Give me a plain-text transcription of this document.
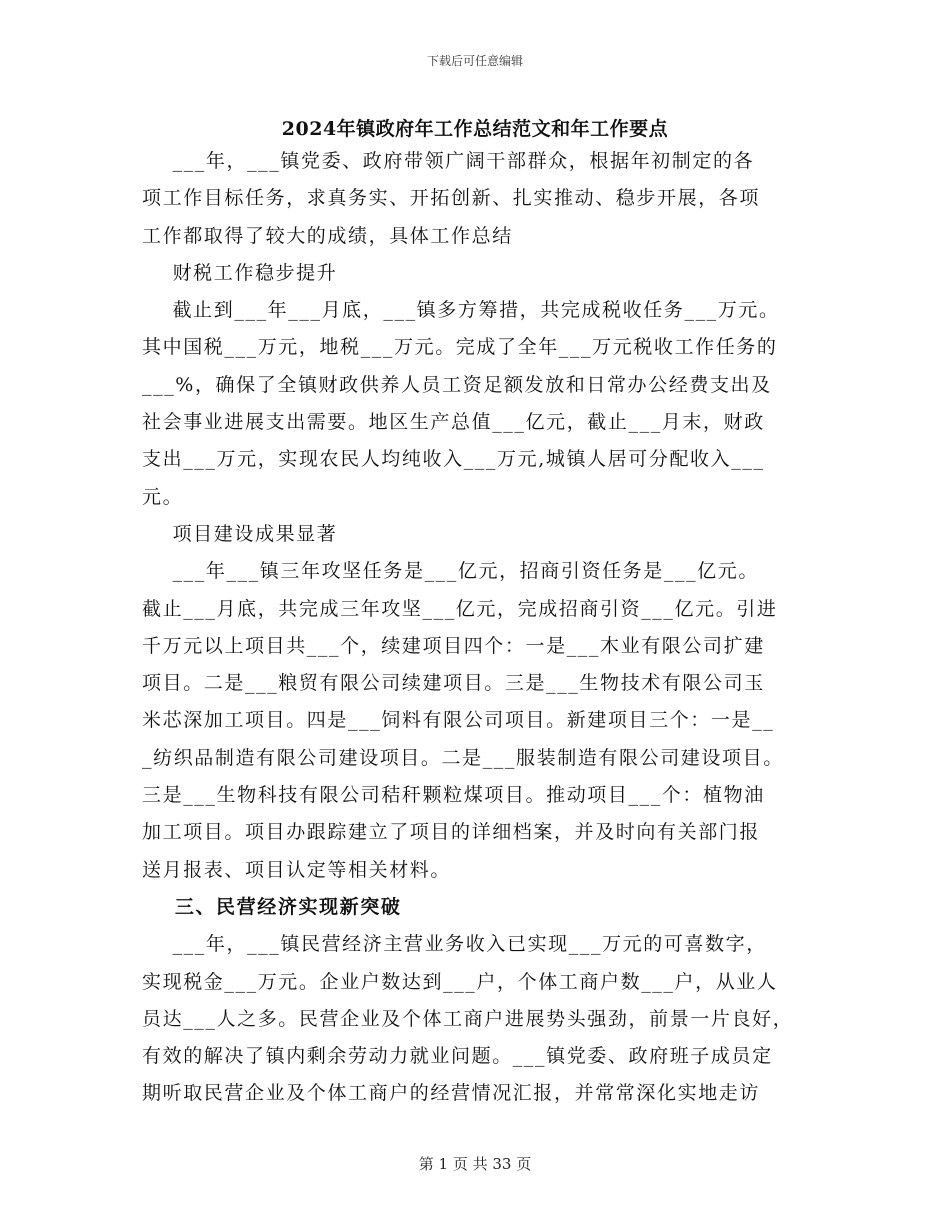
下载后可任意编辑
2024年镇政府年工作总结范文和年工作要点

___年，___镇党委、政府带领广阔干部群众，根据年初制定的各

项工作目标任务，求真务实、开拓创新、扎实推动、稳步开展，各项

工作都取得了较大的成绩，具体工作总结

财税工作稳步提升

截止到___年___月底，___镇多方筹措，共完成税收任务___万元。

其中国税___万元，地税___万元。完成了全年___万元税收工作任务的

___%，确保了全镇财政供养人员工资足额发放和日常办公经费支出及

社会事业进展支出需要。地区生产总值___亿元，截止___月末，财政

支出___万元，实现农民人均纯收入___万元,城镇人居可分配收入___

元。

项目建设成果显著

___年___镇三年攻坚任务是___亿元，招商引资任务是___亿元。

截止___月底，共完成三年攻坚___亿元，完成招商引资___亿元。引进

千万元以上项目共___个，续建项目四个：一是___木业有限公司扩建

项目。二是___粮贸有限公司续建项目。三是___生物技术有限公司玉

米芯深加工项目。四是___饲料有限公司项目。新建项目三个：一是__

_纺织品制造有限公司建设项目。二是___服装制造有限公司建设项目。

三是___生物科技有限公司秸秆颗粒煤项目。推动项目___个：植物油

加工项目。项目办跟踪建立了项目的详细档案，并及时向有关部门报

送月报表、项目认定等相关材料。

三、民营经济实现新突破

___年，___镇民营经济主营业务收入已实现___万元的可喜数字，

实现税金___万元。企业户数达到___户，个体工商户数___户，从业人

员达___人之多。民营企业及个体工商户进展势头强劲，前景一片良好，

有效的解决了镇内剩余劳动力就业问题。___镇党委、政府班子成员定

期听取民营企业及个体工商户的经营情况汇报，并常常深化实地走访

第 1 页 共 33 页
